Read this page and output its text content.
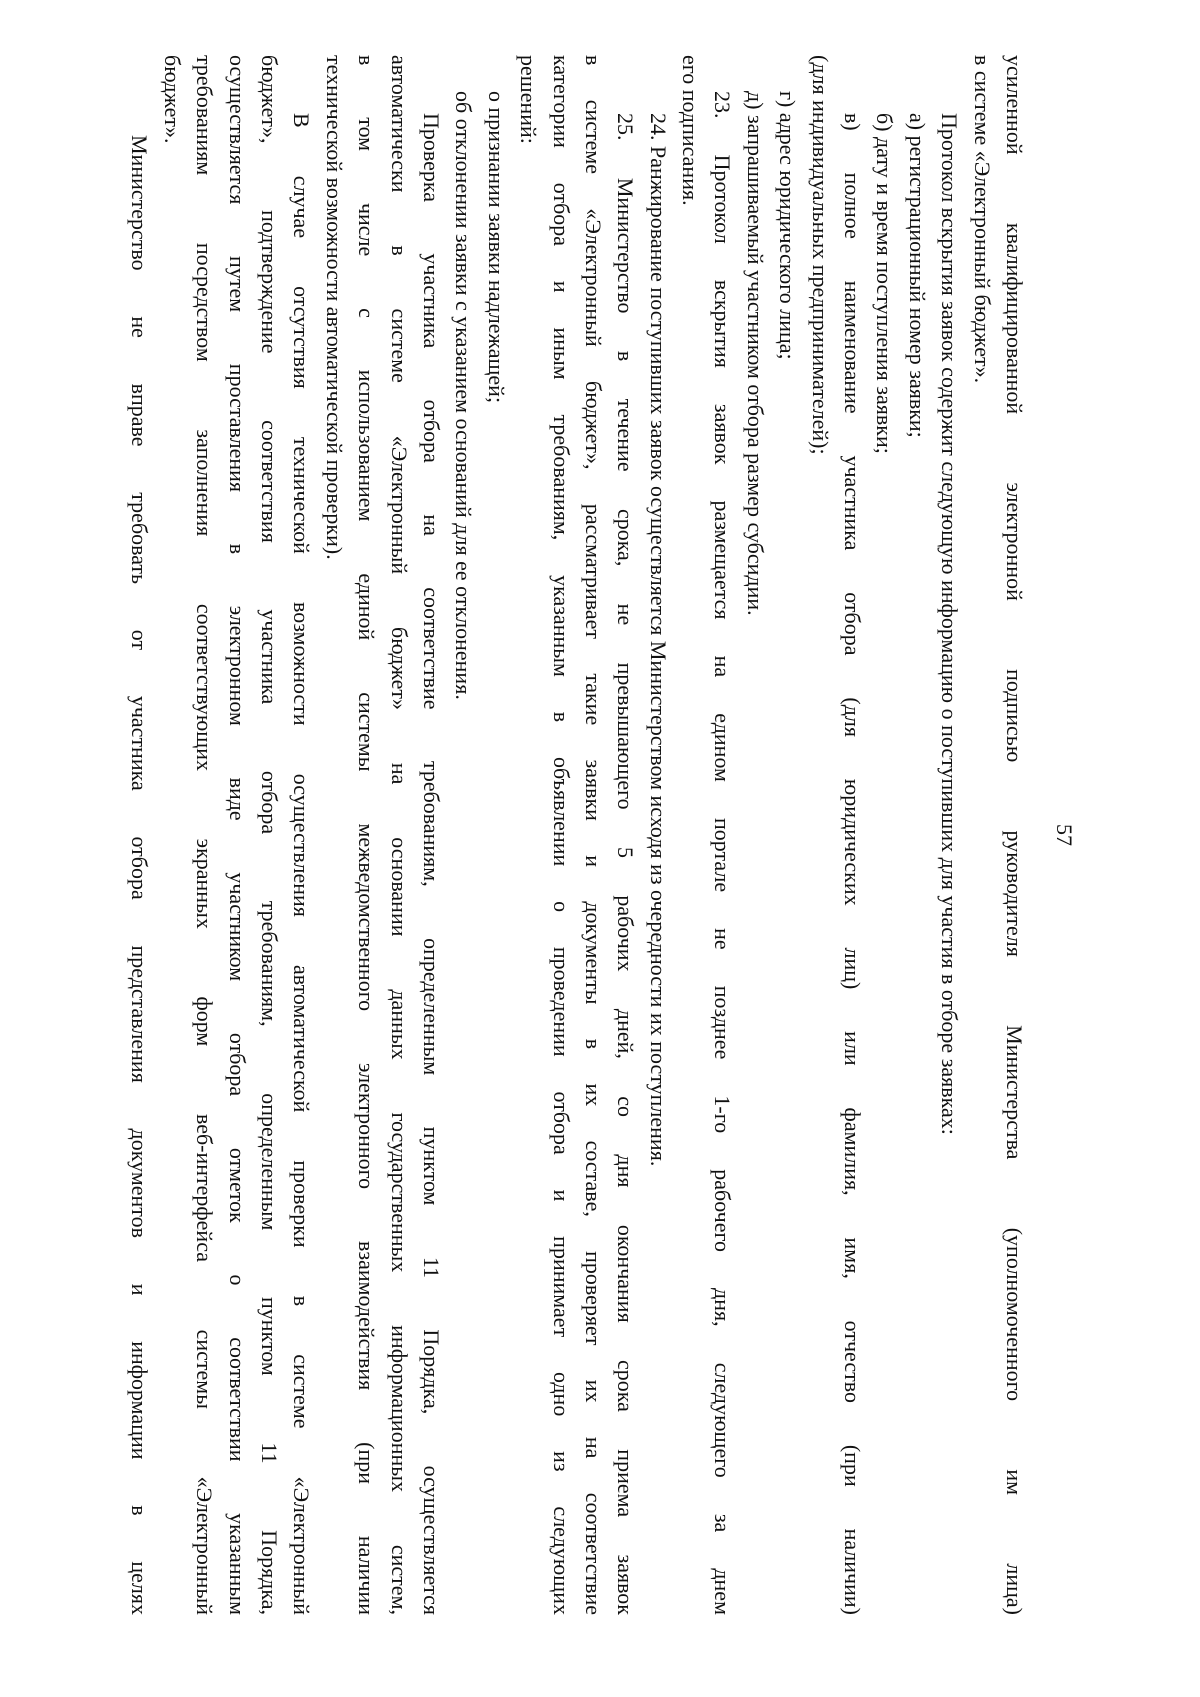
57
усиленной квалифицированной электронной подписью руководителя Министерства (уполномоченного им лица)
в системе «Электронный бюджет».
Протокол вскрытия заявок содержит следующую информацию о поступивших для участия в отборе заявках:
а) регистрационный номер заявки;
б) дату и время поступления заявки;
в) полное наименование участника отбора (для юридических лиц) или фамилия, имя, отчество (при наличии)
(для индивидуальных предпринимателей);
г) адрес юридического лица;
д) запрашиваемый участником отбора размер субсидии.
23. Протокол вскрытия заявок размещается на едином портале не позднее 1-го рабочего дня, следующего за днем
его подписания.
24. Ранжирование поступивших заявок осуществляется Министерством исходя из очередности их поступления.
25. Министерство в течение срока, не превышающего 5 рабочих дней, со дня окончания срока приема заявок
в системе «Электронный бюджет», рассматривает такие заявки и документы в их составе, проверяет их на соответствие
категории отбора и иным требованиям, указанным в объявлении о проведении отбора и принимает одно из следующих
решений:
о признании заявки надлежащей;
об отклонении заявки с указанием оснований для ее отклонения.
Проверка участника отбора на соответствие требованиям, определенным пунктом 11 Порядка, осуществляется
автоматически в системе «Электронный бюджет» на основании данных государственных информационных систем,
в том числе с использованием единой системы межведомственного электронного взаимодействия (при наличии
технической возможности автоматической проверки).
В случае отсутствия технической возможности осуществления автоматической проверки в системе «Электронный
бюджет», подтверждение соответствия участника отбора требованиям, определенным пунктом 11 Порядка,
осуществляется путем проставления в электронном виде участником отбора отметок о соответствии указанным
требованиям посредством заполнения соответствующих экранных форм веб-интерфейса системы «Электронный
бюджет».
Министерство не вправе требовать от участника отбора представления документов и информации в целях
